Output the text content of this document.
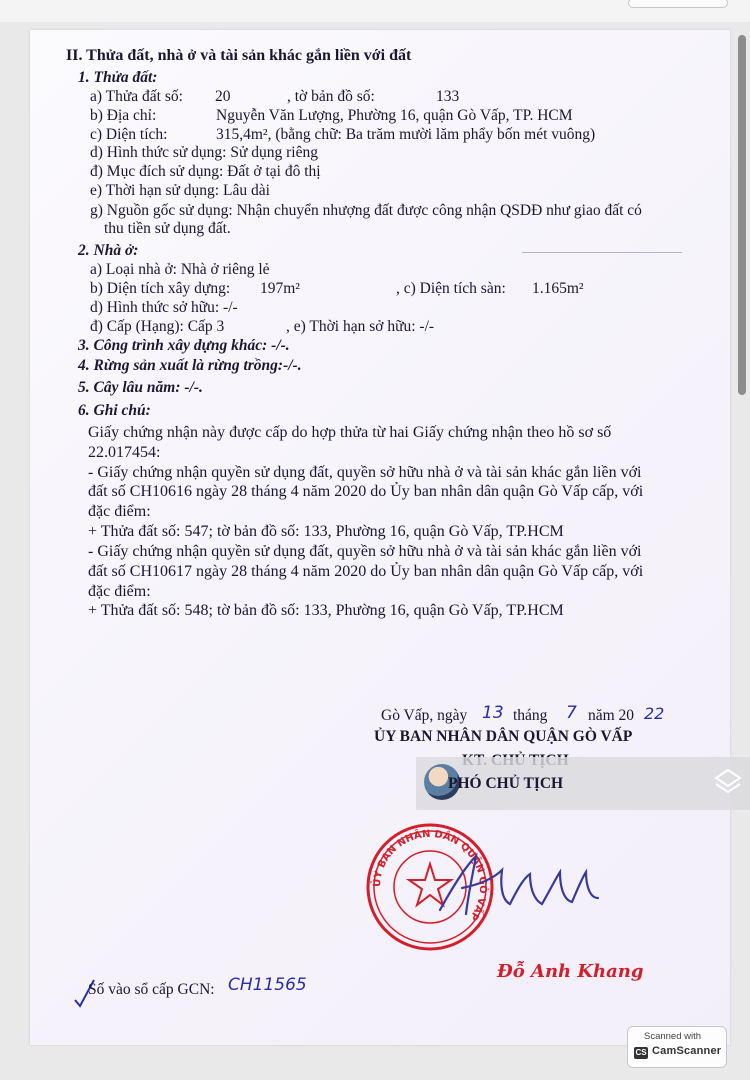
II. Thửa đất, nhà ở và tài sản khác gắn liền với đất
1. Thửa đất:
a) Thửa đất số: 20	, tờ bản đồ số:	133
b) Địa chỉ:	Nguyễn Văn Lượng, Phường 16, quận Gò Vấp, TP. HCM
c) Diện tích:	315,4m², (bằng chữ: Ba trăm mười lăm phẩy bốn mét vuông)
d) Hình thức sử dụng: Sử dụng riêng
đ) Mục đích sử dụng: Đất ở tại đô thị
e) Thời hạn sử dụng: Lâu dài
g) Nguồn gốc sử dụng: Nhận chuyển nhượng đất được công nhận QSDĐ như giao đất có
thu tiền sử dụng đất.
2. Nhà ở:
a) Loại nhà ở: Nhà ở riêng lẻ
b) Diện tích xây dựng: 197m²	, c) Diện tích sàn: 1.165m²
d) Hình thức sở hữu: -/-
đ) Cấp (Hạng): Cấp 3	, e) Thời hạn sở hữu: -/-
3. Công trình xây dựng khác: -/-.
4. Rừng sản xuất là rừng trồng:-/-.
5. Cây lâu năm: -/-.
6. Ghi chú:
Giấy chứng nhận này được cấp do hợp thửa từ hai Giấy chứng nhận theo hồ sơ số
22.017454:
- Giấy chứng nhận quyền sử dụng đất, quyền sở hữu nhà ở và tài sản khác gắn liền với
đất số CH10616 ngày 28 tháng 4 năm 2020 do Ủy ban nhân dân quận Gò Vấp cấp, với
đặc điểm:
+ Thửa đất số: 547; tờ bản đồ số: 133, Phường 16, quận Gò Vấp, TP.HCM
- Giấy chứng nhận quyền sử dụng đất, quyền sở hữu nhà ở và tài sản khác gắn liền với
đất số CH10617 ngày 28 tháng 4 năm 2020 do Ủy ban nhân dân quận Gò Vấp cấp, với
đặc điểm:
+ Thửa đất số: 548; tờ bản đồ số: 133, Phường 16, quận Gò Vấp, TP.HCM
Gò Vấp, ngày 13 tháng 7 năm 20 22
ỦY BAN NHÂN DÂN QUẬN GÒ VẤP
PHÓ CHỦ TỊCH
ỦY BAN NHÂN DÂN QUẬN GÒ VẤP
Đỗ Anh Khang
Số vào sổ cấp GCN: CH11565
Scanned with
CS CamScanner
